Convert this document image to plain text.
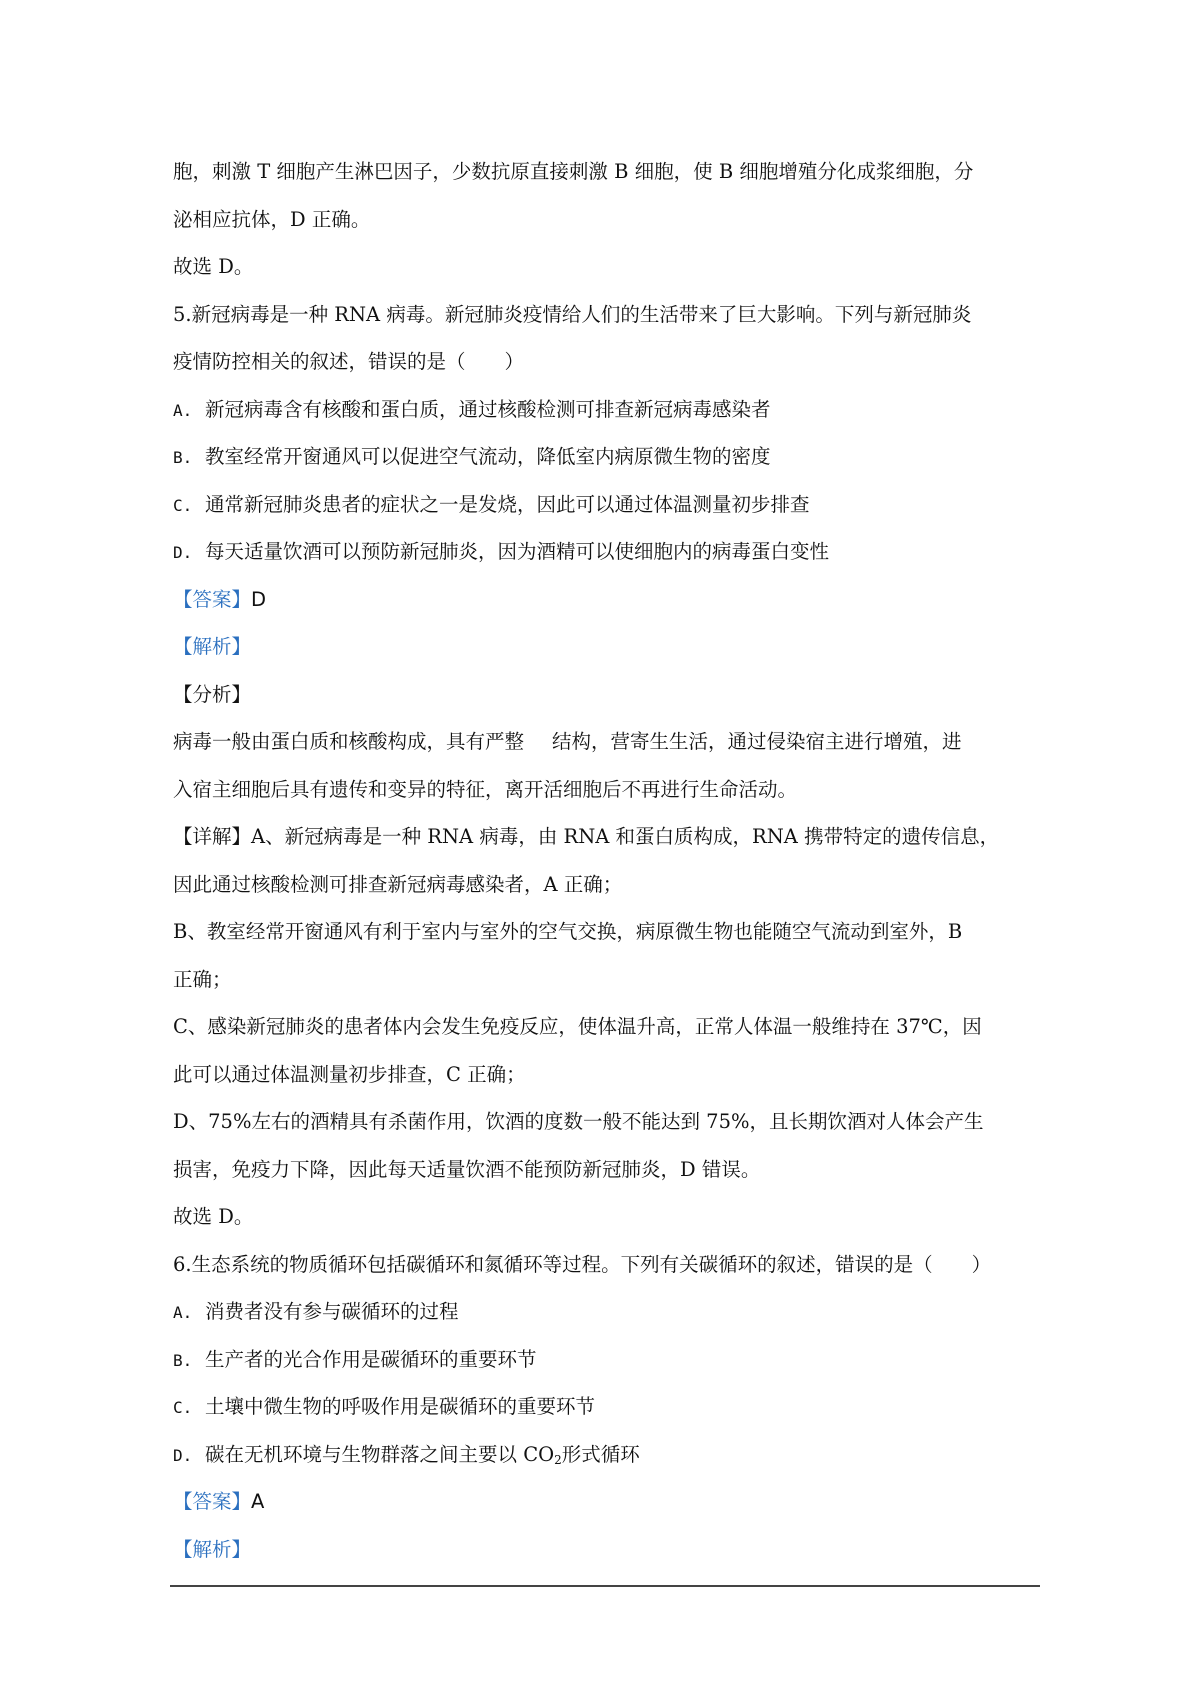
胞，刺激 T 细胞产生淋巴因子，少数抗原直接刺激 B 细胞，使 B 细胞增殖分化成浆细胞，分
泌相应抗体，D 正确。
故选 D。
5.新冠病毒是一种 RNA 病毒。新冠肺炎疫情给人们的生活带来了巨大影响。下列与新冠肺炎
疫情防控相关的叙述，错误的是（　　）
A. 新冠病毒含有核酸和蛋白质，通过核酸检测可排查新冠病毒感染者
B. 教室经常开窗通风可以促进空气流动，降低室内病原微生物的密度
C. 通常新冠肺炎患者的症状之一是发烧，因此可以通过体温测量初步排查
D. 每天适量饮酒可以预防新冠肺炎，因为酒精可以使细胞内的病毒蛋白变性
【答案】D
【解析】
【分析】
病毒一般由蛋白质和核酸构成，具有严整 结构，营寄生生活，通过侵染宿主进行增殖，进
入宿主细胞后具有遗传和变异的特征，离开活细胞后不再进行生命活动。
【详解】A、新冠病毒是一种 RNA 病毒，由 RNA 和蛋白质构成，RNA 携带特定的遗传信息，
因此通过核酸检测可排查新冠病毒感染者，A 正确；
B、教室经常开窗通风有利于室内与室外的空气交换，病原微生物也能随空气流动到室外，B
正确；
C、感染新冠肺炎的患者体内会发生免疫反应，使体温升高，正常人体温一般维持在 37℃，因
此可以通过体温测量初步排查，C 正确；
D、75%左右的酒精具有杀菌作用，饮酒的度数一般不能达到 75%，且长期饮酒对人体会产生
损害，免疫力下降，因此每天适量饮酒不能预防新冠肺炎，D 错误。
故选 D。
6.生态系统的物质循环包括碳循环和氮循环等过程。下列有关碳循环的叙述，错误的是（　　）
A. 消费者没有参与碳循环的过程
B. 生产者的光合作用是碳循环的重要环节
C. 土壤中微生物的呼吸作用是碳循环的重要环节
D. 碳在无机环境与生物群落之间主要以 $CO_2$形式循环
【答案】A
【解析】
